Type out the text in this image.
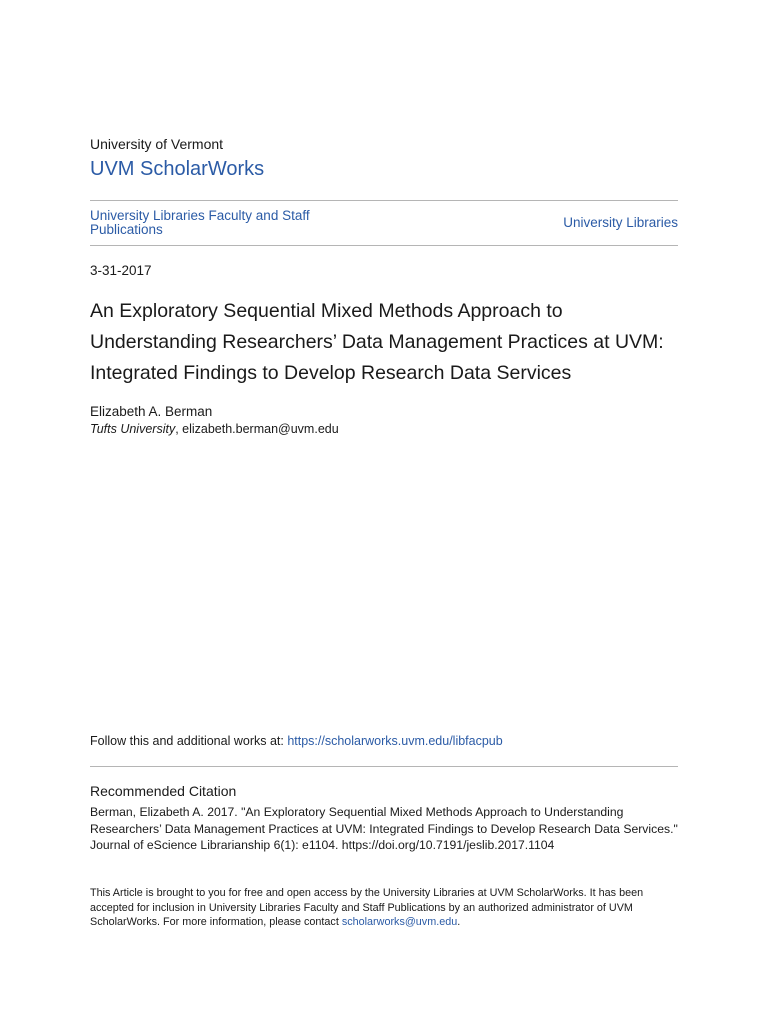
University of Vermont
UVM ScholarWorks
University Libraries Faculty and Staff Publications	University Libraries
3-31-2017
An Exploratory Sequential Mixed Methods Approach to Understanding Researchers’ Data Management Practices at UVM: Integrated Findings to Develop Research Data Services
Elizabeth A. Berman
Tufts University, elizabeth.berman@uvm.edu
Follow this and additional works at: https://scholarworks.uvm.edu/libfacpub
Recommended Citation
Berman, Elizabeth A. 2017. "An Exploratory Sequential Mixed Methods Approach to Understanding Researchers’ Data Management Practices at UVM: Integrated Findings to Develop Research Data Services." Journal of eScience Librarianship 6(1): e1104. https://doi.org/10.7191/jeslib.2017.1104
This Article is brought to you for free and open access by the University Libraries at UVM ScholarWorks. It has been accepted for inclusion in University Libraries Faculty and Staff Publications by an authorized administrator of UVM ScholarWorks. For more information, please contact scholarworks@uvm.edu.
